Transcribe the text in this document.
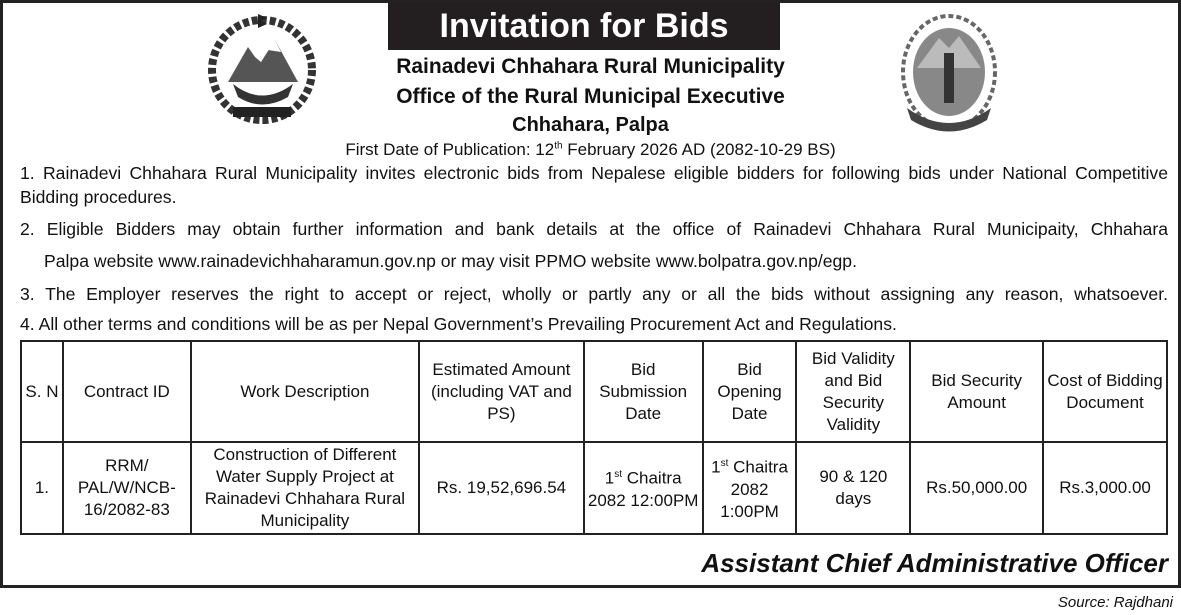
Invitation for Bids
Rainadevi Chhahara Rural Municipality
Office of the Rural Municipal Executive
Chhahara, Palpa
First Date of Publication: 12th February 2026 AD (2082-10-29 BS)
1. Rainadevi Chhahara Rural Municipality invites electronic bids from Nepalese eligible bidders for following bids under National Competitive Bidding procedures.
2. Eligible Bidders may obtain further information and bank details at the office of Rainadevi Chhahara Rural Municipaity, Chhahara
Palpa website www.rainadevichhaharamun.gov.np or may visit PPMO website www.bolpatra.gov.np/egp.
3. The Employer reserves the right to accept or reject, wholly or partly any or all the bids without assigning any reason, whatsoever.
4. All other terms and conditions will be as per Nepal Government’s Prevailing Procurement Act and Regulations.
S. N	Contract ID	Work Description	Estimated Amount (including VAT and PS)	Bid Submission Date	Bid Opening Date	Bid Validity and Bid Security Validity	Bid Security Amount	Cost of Bidding Document
1.	RRM/ PAL/W/NCB- 16/2082-83	Construction of Different Water Supply Project at Rainadevi Chhahara Rural Municipality	Rs. 19,52,696.54	1st Chaitra 2082 12:00PM	1st Chaitra 2082 1:00PM	90 & 120 days	Rs.50,000.00	Rs.3,000.00
Assistant Chief Administrative Officer
Source: Rajdhani
